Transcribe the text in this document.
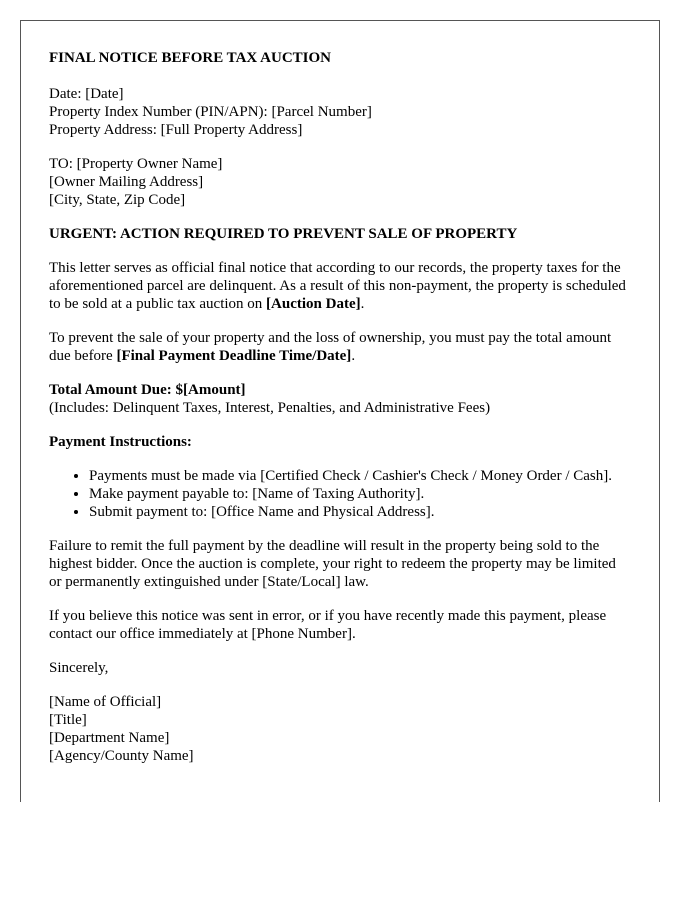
FINAL NOTICE BEFORE TAX AUCTION
Date: [Date]
Property Index Number (PIN/APN): [Parcel Number]
Property Address: [Full Property Address]
TO: [Property Owner Name]
[Owner Mailing Address]
[City, State, Zip Code]

URGENT: ACTION REQUIRED TO PREVENT SALE OF PROPERTY

This letter serves as official final notice that according to our records, the property taxes for the aforementioned parcel are delinquent. As a result of this non-payment, the property is scheduled to be sold at a public tax auction on [Auction Date].

To prevent the sale of your property and the loss of ownership, you must pay the total amount due before [Final Payment Deadline Time/Date].

Total Amount Due: $[Amount]
(Includes: Delinquent Taxes, Interest, Penalties, and Administrative Fees)

Payment Instructions:

• Payments must be made via [Certified Check / Cashier's Check / Money Order / Cash].
• Make payment payable to: [Name of Taxing Authority].
• Submit payment to: [Office Name and Physical Address].

Failure to remit the full payment by the deadline will result in the property being sold to the highest bidder. Once the auction is complete, your right to redeem the property may be limited or permanently extinguished under [State/Local] law.

If you believe this notice was sent in error, or if you have recently made this payment, please contact our office immediately at [Phone Number].

Sincerely,

[Name of Official]
[Title]
[Department Name]
[Agency/County Name]
